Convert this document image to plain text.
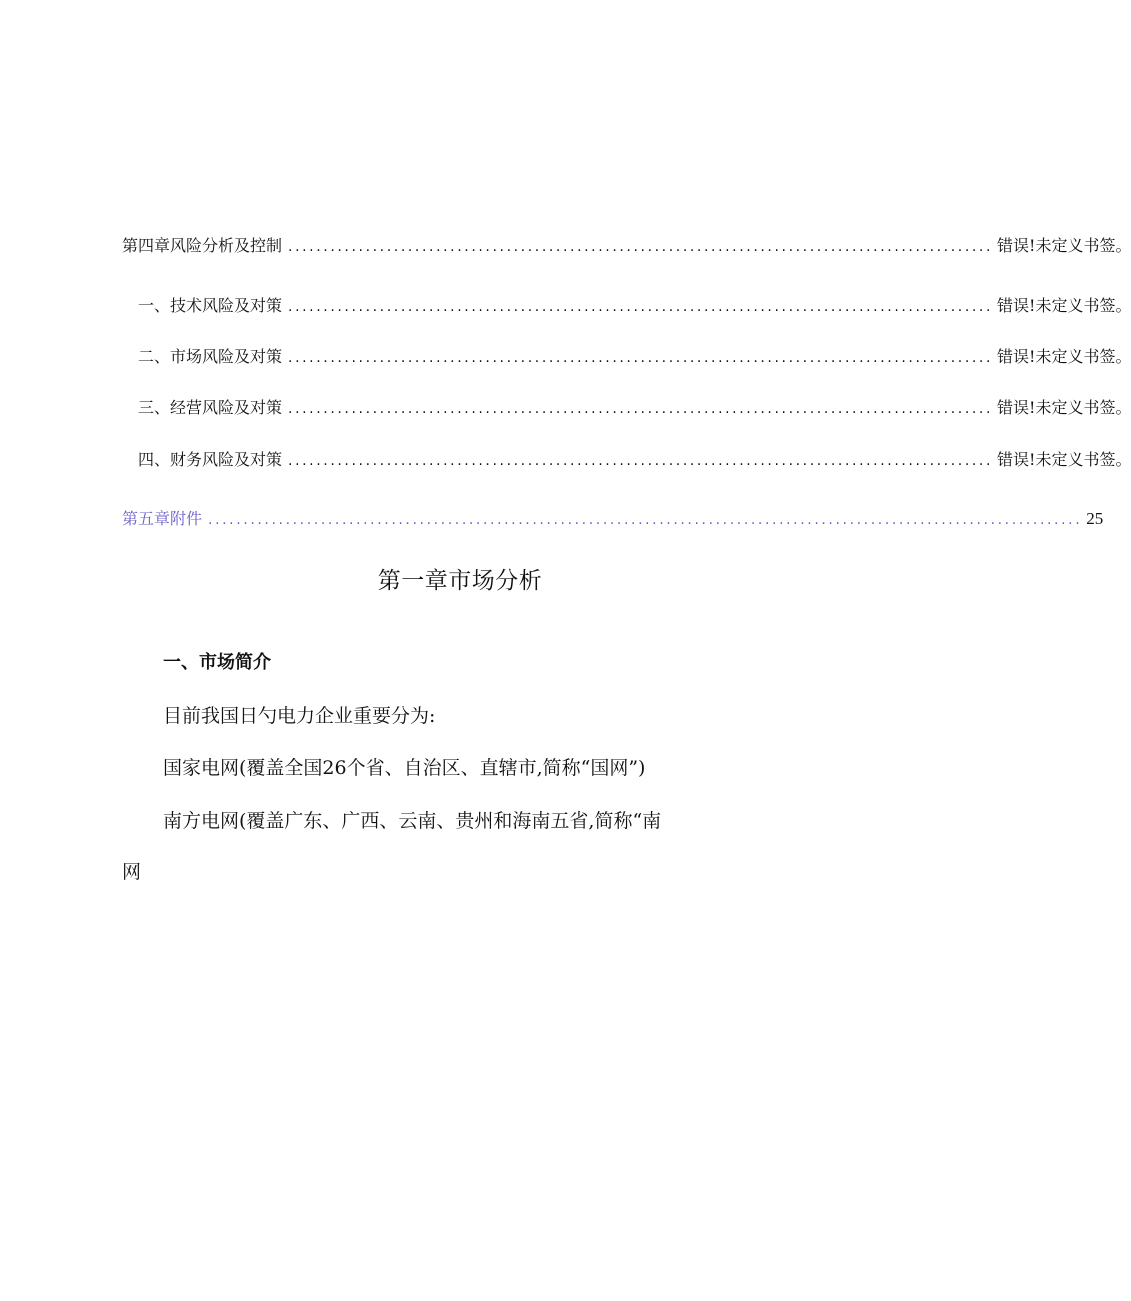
第四章风险分析及控制 .................................................................................................... 错误!未定义书签。
一、技术风险及对策 .................................................................................................... 错误!未定义书签。
二、市场风险及对策 .................................................................................................... 错误!未定义书签。
三、经营风险及对策 .................................................................................................... 错误!未定义书签。
四、财务风险及对策 .................................................................................................... 错误!未定义书签。
第五章附件 ............................................................................................................................ 25
第一章市场分析
一、市场简介
目前我国日勺电力企业重要分为:
国家电网(覆盖全国26个省、自治区、直辖市,简称“国网”)
南方电网(覆盖广东、广西、云南、贵州和海南五省,简称“南
网
